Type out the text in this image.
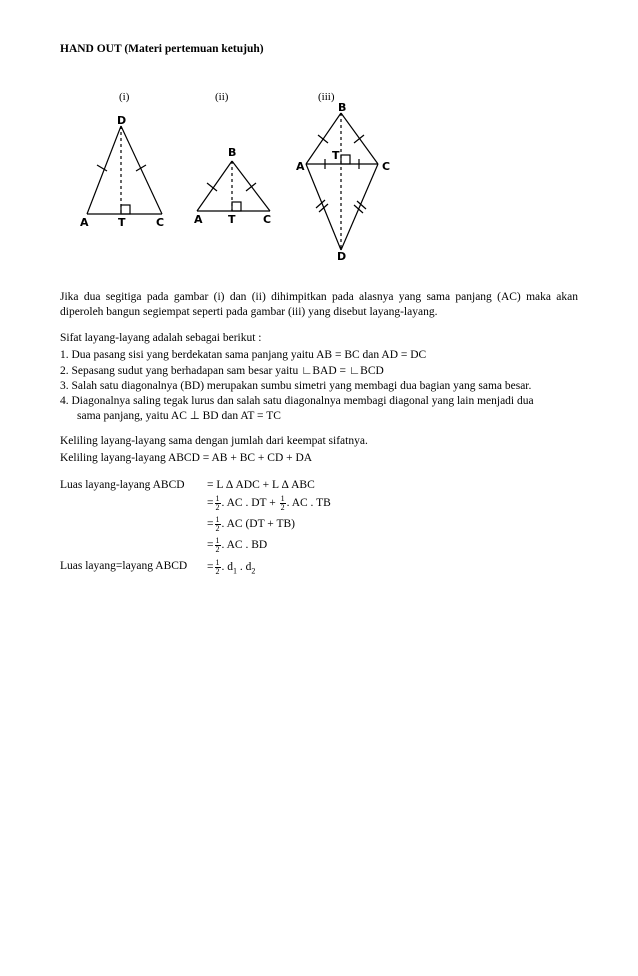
HAND OUT (Materi pertemuan ketujuh)
(i)	(ii)	(iii)
D
A	T	C
B
A T C
B
A
T
C
D
Jika dua segitiga pada gambar (i) dan (ii) dihimpitkan pada alasnya yang sama panjang (AC) maka akan diperoleh bangun segiempat seperti pada gambar (iii) yang disebut layang-layang.
Sifat layang-layang adalah sebagai berikut :
1. Dua pasang sisi yang berdekatan sama panjang yaitu AB = BC dan AD = DC
2. Sepasang sudut yang berhadapan sam besar yaitu ∟BAD = ∟BCD
3. Salah satu diagonalnya (BD) merupakan sumbu simetri yang membagi dua bagian yang sama besar.
4. Diagonalnya saling tegak lurus dan salah satu diagonalnya membagi diagonal yang lain menjadi dua
sama panjang, yaitu AC ⊥ BD dan AT = TC
Keliling layang-layang sama dengan jumlah dari keempat sifatnya.
Keliling layang-layang ABCD = AB + BC + CD + DA
Luas layang-layang ABCD = L Δ ADC + L Δ ABC
= $\frac{1}{2}$ . AC . DT + $\frac{1}{2}$ . AC . TB
= $\frac{1}{2}$ . AC (DT + TB)
= $\frac{1}{2}$ . AC . BD
Luas layang=layang ABCD = $\frac{1}{2}$ . $d_1$ . $d_2$
